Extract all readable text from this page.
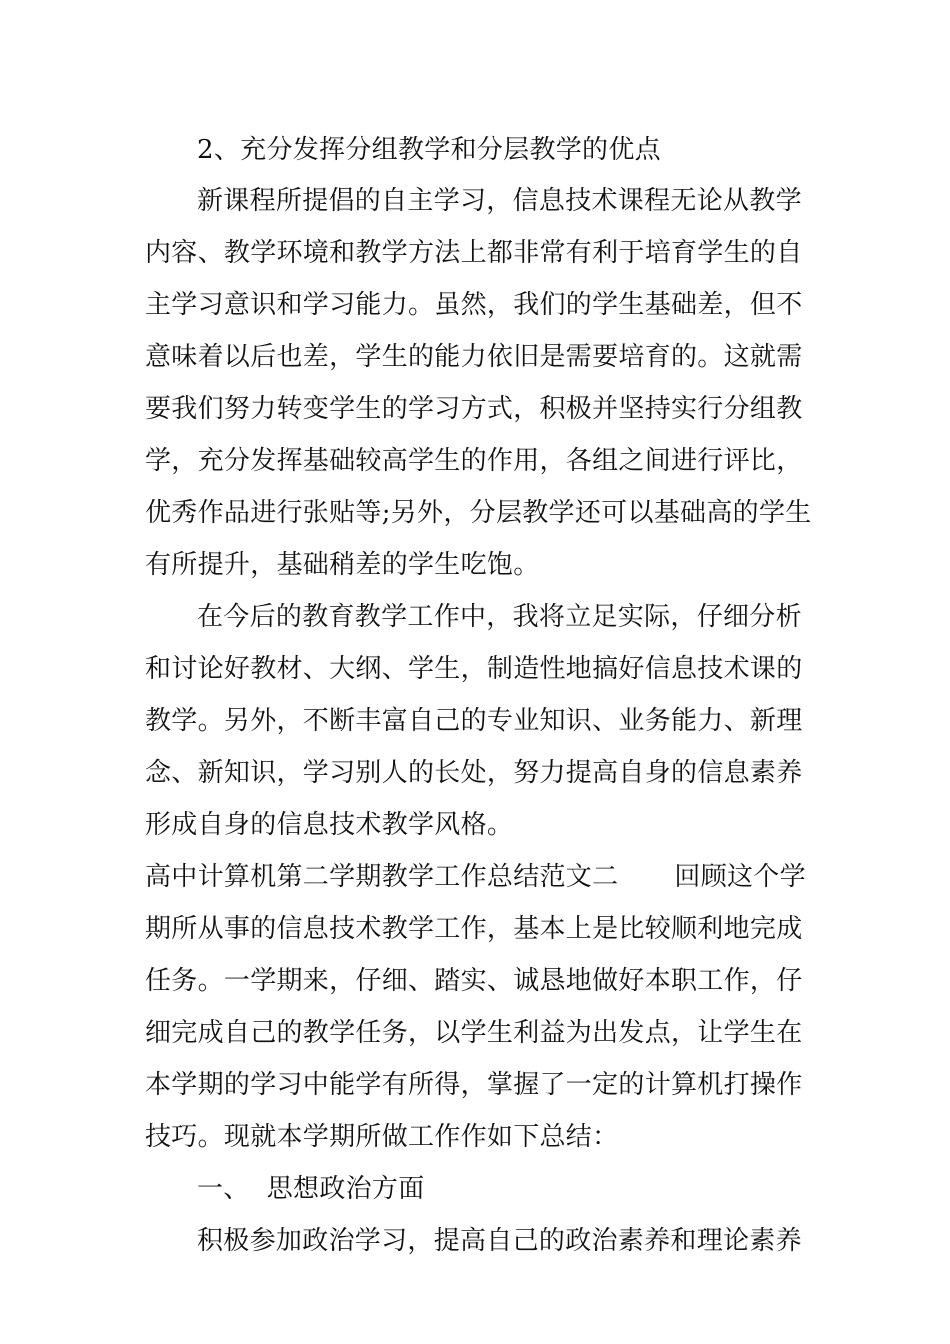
2、充分发挥分组教学和分层教学的优点
新课程所提倡的自主学习，信息技术课程无论从教学
内容、教学环境和教学方法上都非常有利于培育学生的自
主学习意识和学习能力。虽然，我们的学生基础差，但不
意味着以后也差，学生的能力依旧是需要培育的。这就需
要我们努力转变学生的学习方式，积极并坚持实行分组教
学，充分发挥基础较高学生的作用，各组之间进行评比，
优秀作品进行张贴等;另外，分层教学还可以基础高的学生
有所提升，基础稍差的学生吃饱。
在今后的教育教学工作中，我将立足实际，仔细分析
和讨论好教材、大纲、学生，制造性地搞好信息技术课的
教学。另外，不断丰富自己的专业知识、业务能力、新理
念、新知识，学习别人的长处，努力提高自身的信息素养
形成自身的信息技术教学风格。
高中计算机第二学期教学工作总结范文二 回顾这个学
期所从事的信息技术教学工作，基本上是比较顺利地完成
任务。一学期来，仔细、踏实、诚恳地做好本职工作，仔
细完成自己的教学任务，以学生利益为出发点，让学生在
本学期的学习中能学有所得，掌握了一定的计算机打操作
技巧。现就本学期所做工作作如下总结：
一、  思想政治方面
积极参加政治学习，提高自己的政治素养和理论素养
